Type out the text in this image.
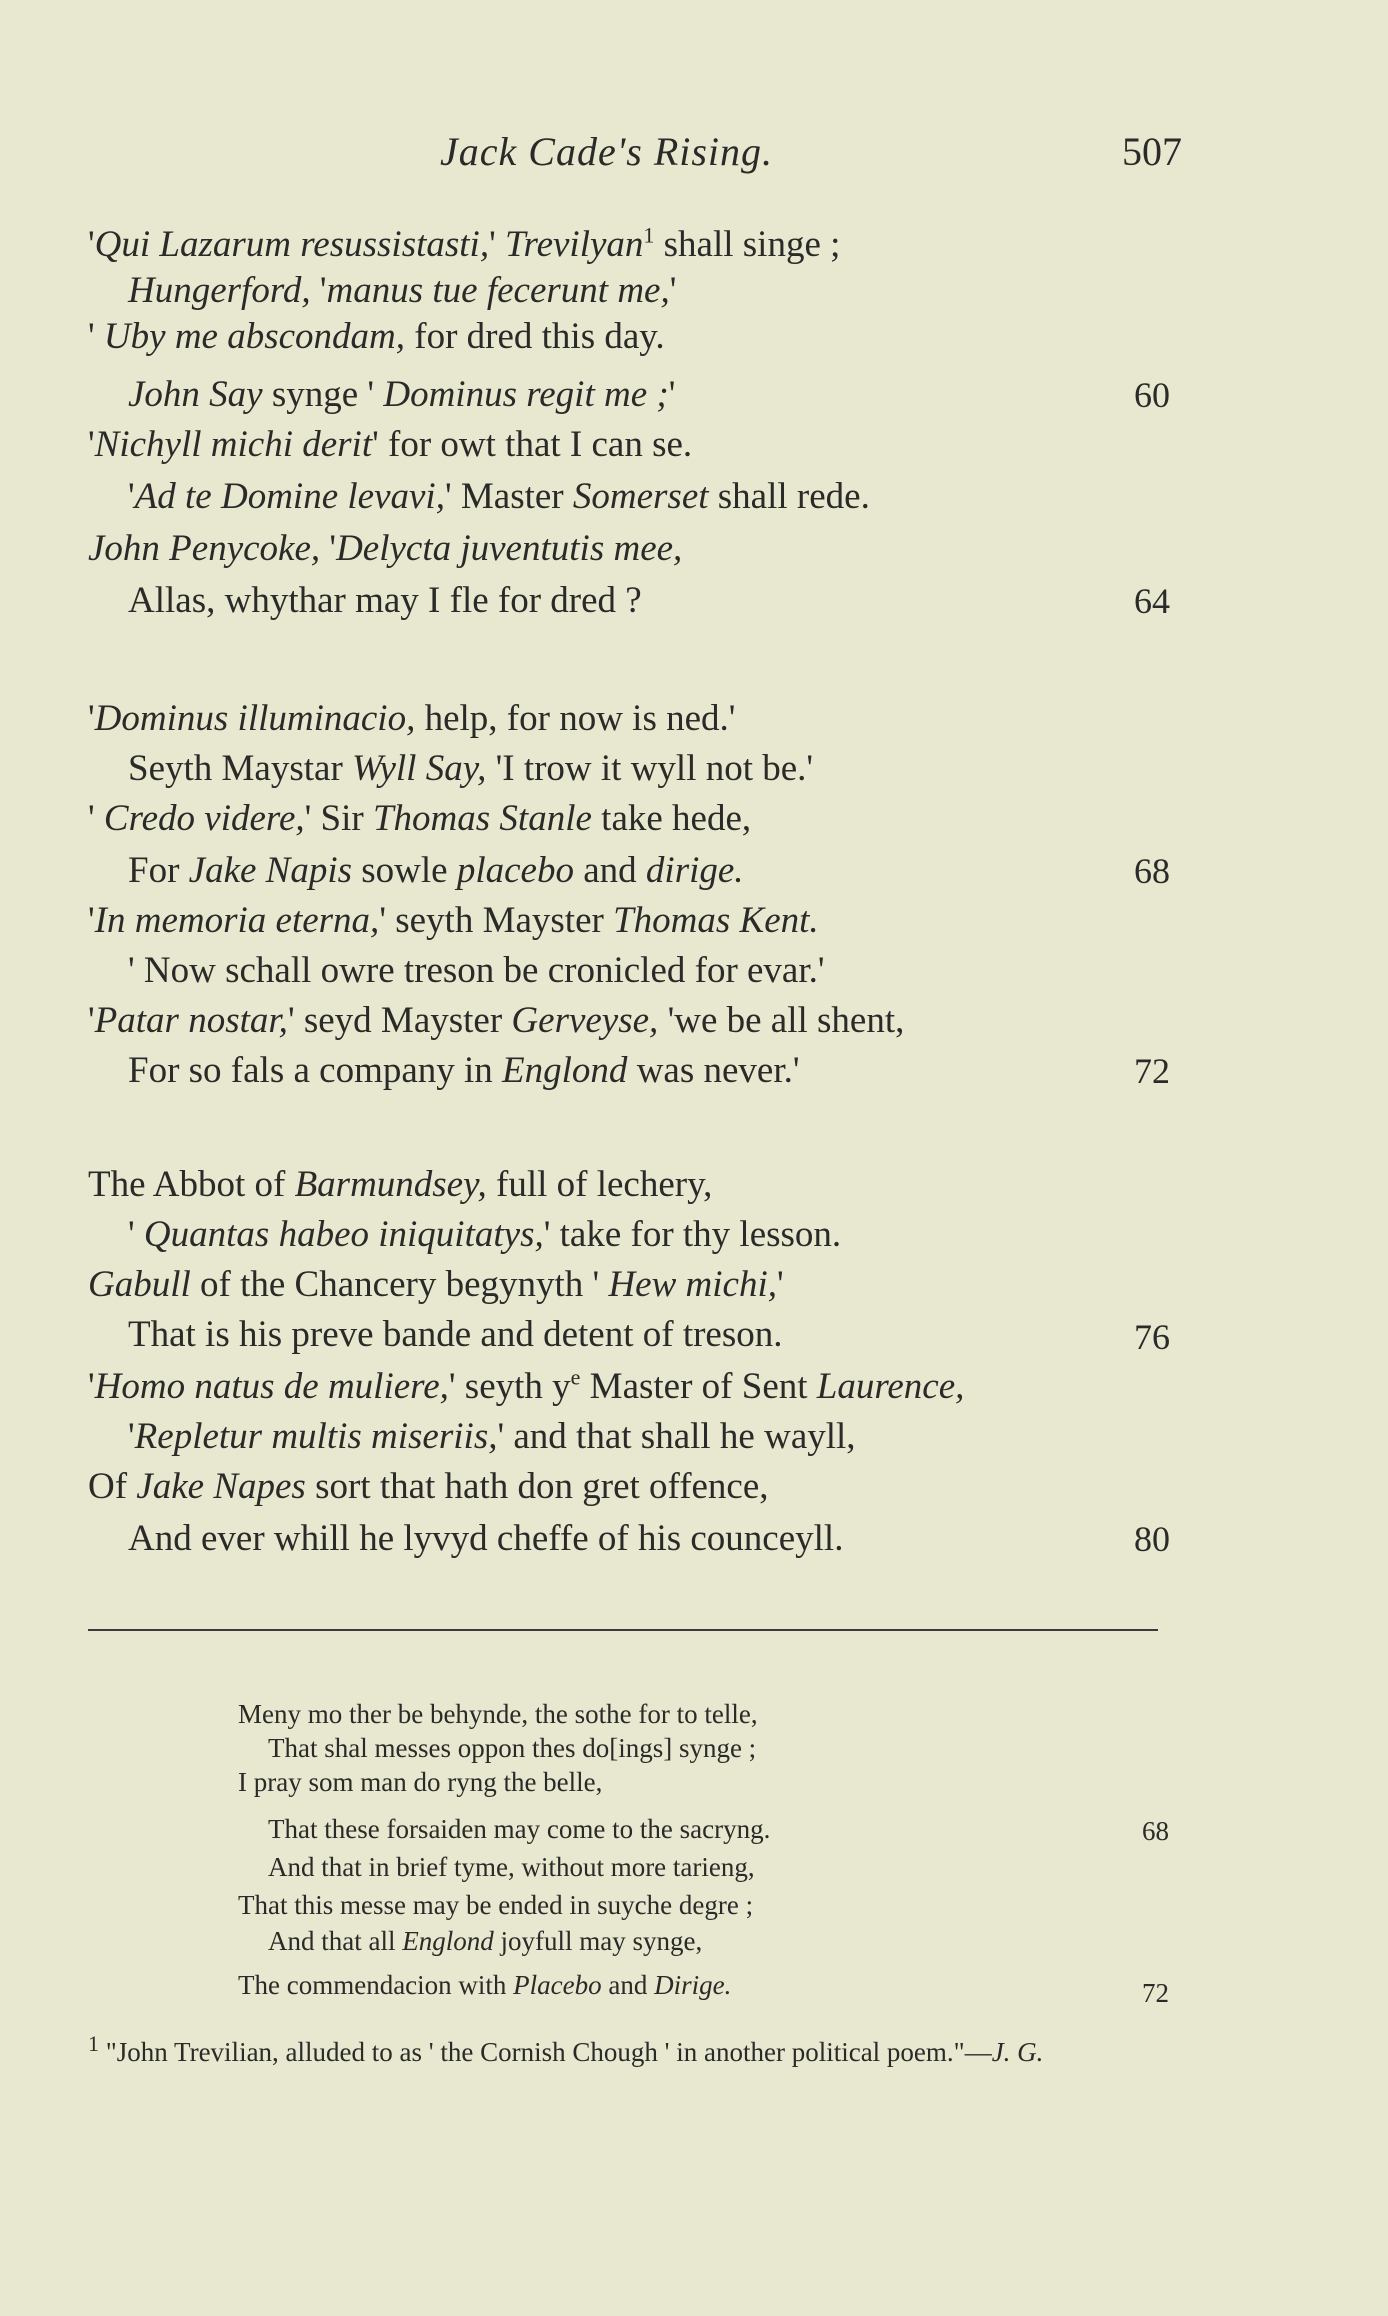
Jack Cade's Rising.	507
'Qui Lazarum resussistasti,' Trevilyan$^1$ shall singe ;
Hungerford, 'manus tue fecerunt me,'
' Uby me abscondam, for dred this day.
John Say synge ' Dominus regit me ;'
'Nichyll michi derit' for owt that I can se.
'Ad te Domine levavi,' Master Somerset shall rede.
John Penycoke, 'Delycta juventutis mee,
Allas, whythar may I fle for dred ?
'Dominus illuminacio, help, for now is ned.'
Seyth Maystar Wyll Say, 'I trow it wyll not be.'
' Credo videre,' Sir Thomas Stanle take hede,
For Jake Napis sowle placebo and dirige.
'In memoria eterna,' seyth Mayster Thomas Kent.
' Now schall owre treson be cronicled for evar.'
'Patar nostar,' seyd Mayster Gerveyse, 'we be all shent,
For so fals a company in Englond was never.'
The Abbot of Barmundsey, full of lechery,
' Quantas habeo iniquitatys,' take for thy lesson.
Gabull of the Chancery begynyth ' Hew michi,'
That is his preve bande and detent of treson.
'Homo natus de muliere,' seyth $y^e$ Master of Sent Laurence,
'Repletur multis miseriis,' and that shall he wayll,
Of Jake Napes sort that hath don gret offence,
And ever whill he lyvyd cheffe of his counceyll.
60
64
68
72
76
80
Meny mo ther be behynde, the sothe for to telle,
That shal messes oppon thes do[ings] synge ;
I pray som man do ryng the belle,
That these forsaiden may come to the sacryng.
And that in brief tyme, without more tarieng,
That this messe may be ended in suyche degre ;
And that all Englond joyfull may synge,
The commendacion with Placebo and Dirige.
68
72
$^1$ "John Trevilian, alluded to as ' the Cornish Chough ' in another political poem."—J. G.
